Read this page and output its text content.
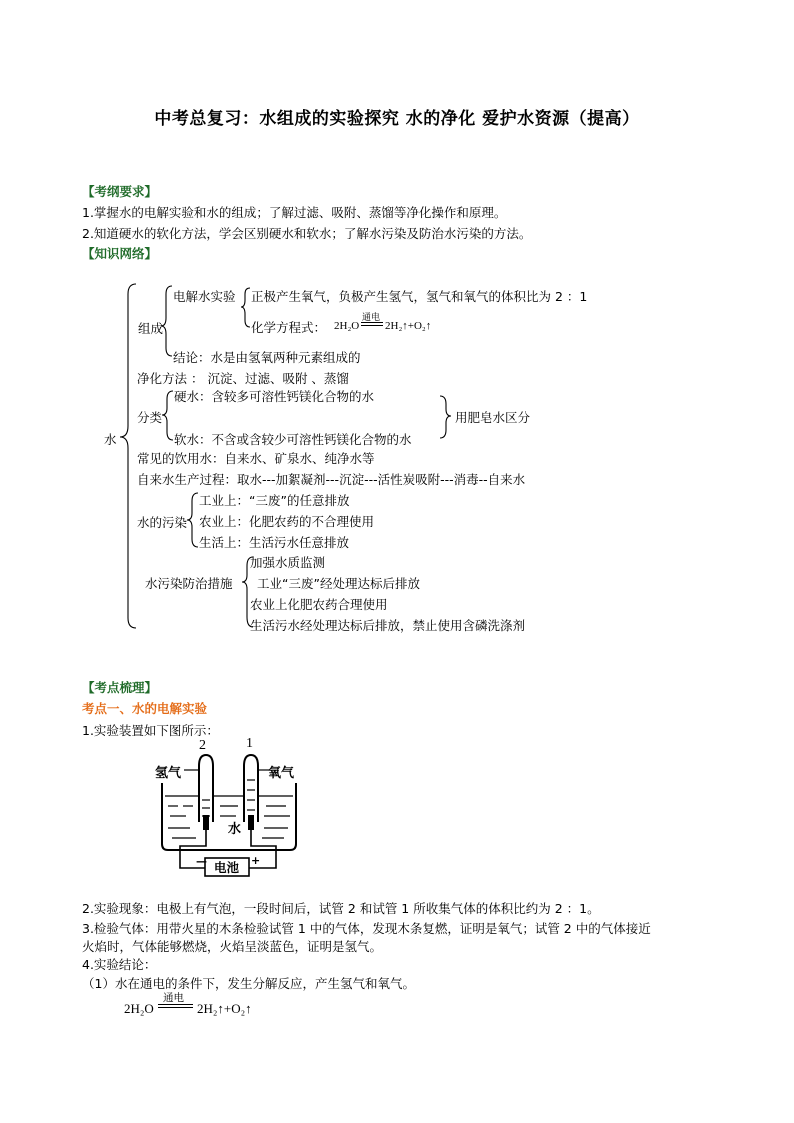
中考总复习：水组成的实验探究 水的净化 爱护水资源（提高）
【考纲要求】
1.掌握水的电解实验和水的组成；了解过滤、吸附、蒸馏等净化操作和原理。
2.知道硬水的软化方法，学会区别硬水和软水；了解水污染及防治水污染的方法。
【知识网络】
水
组成
电解水实验 正极产生氧气，负极产生氢气，氢气和氧气的体积比为 2 ：1
化学方程式： 2H₂O
通电
2H₂↑+O₂↑
结论：水是由氢氧两种元素组成的
净化方法 ： 沉淀、过滤、吸附 、蒸馏
分类
硬水：含较多可溶性钙镁化合物的水
软水：不含或含较少可溶性钙镁化合物的水
用肥皂水区分
常见的饮用水：自来水、矿泉水、纯净水等
自来水生产过程：取水---加絮凝剂---沉淀---活性炭吸附---消毒--自来水
水的污染
工业上：“三废”的任意排放
农业上：化肥农药的不合理使用
生活上：生活污水任意排放
水污染防治措施
加强水质监测
工业“三废”经处理达标后排放
农业上化肥农药合理使用
生活污水经处理达标后排放，禁止使用含磷洗涤剂
【考点梳理】
考点一、水的电解实验
1.实验装置如下图所示：
2	1
氢气	氧气
水
电池
—	+
2.实验现象：电极上有气泡，一段时间后，试管 2 和试管 1 所收集气体的体积比约为 2 ：1。
3.检验气体：用带火星的木条检验试管 1 中的气体，发现木条复燃，证明是氧气；试管 2 中的气体接近
火焰时，气体能够燃烧，火焰呈淡蓝色，证明是氢气。
4.实验结论：
（1）水在通电的条件下，发生分解反应，产生氢气和氧气。
2H₂O
通电
2H₂↑+O₂↑
